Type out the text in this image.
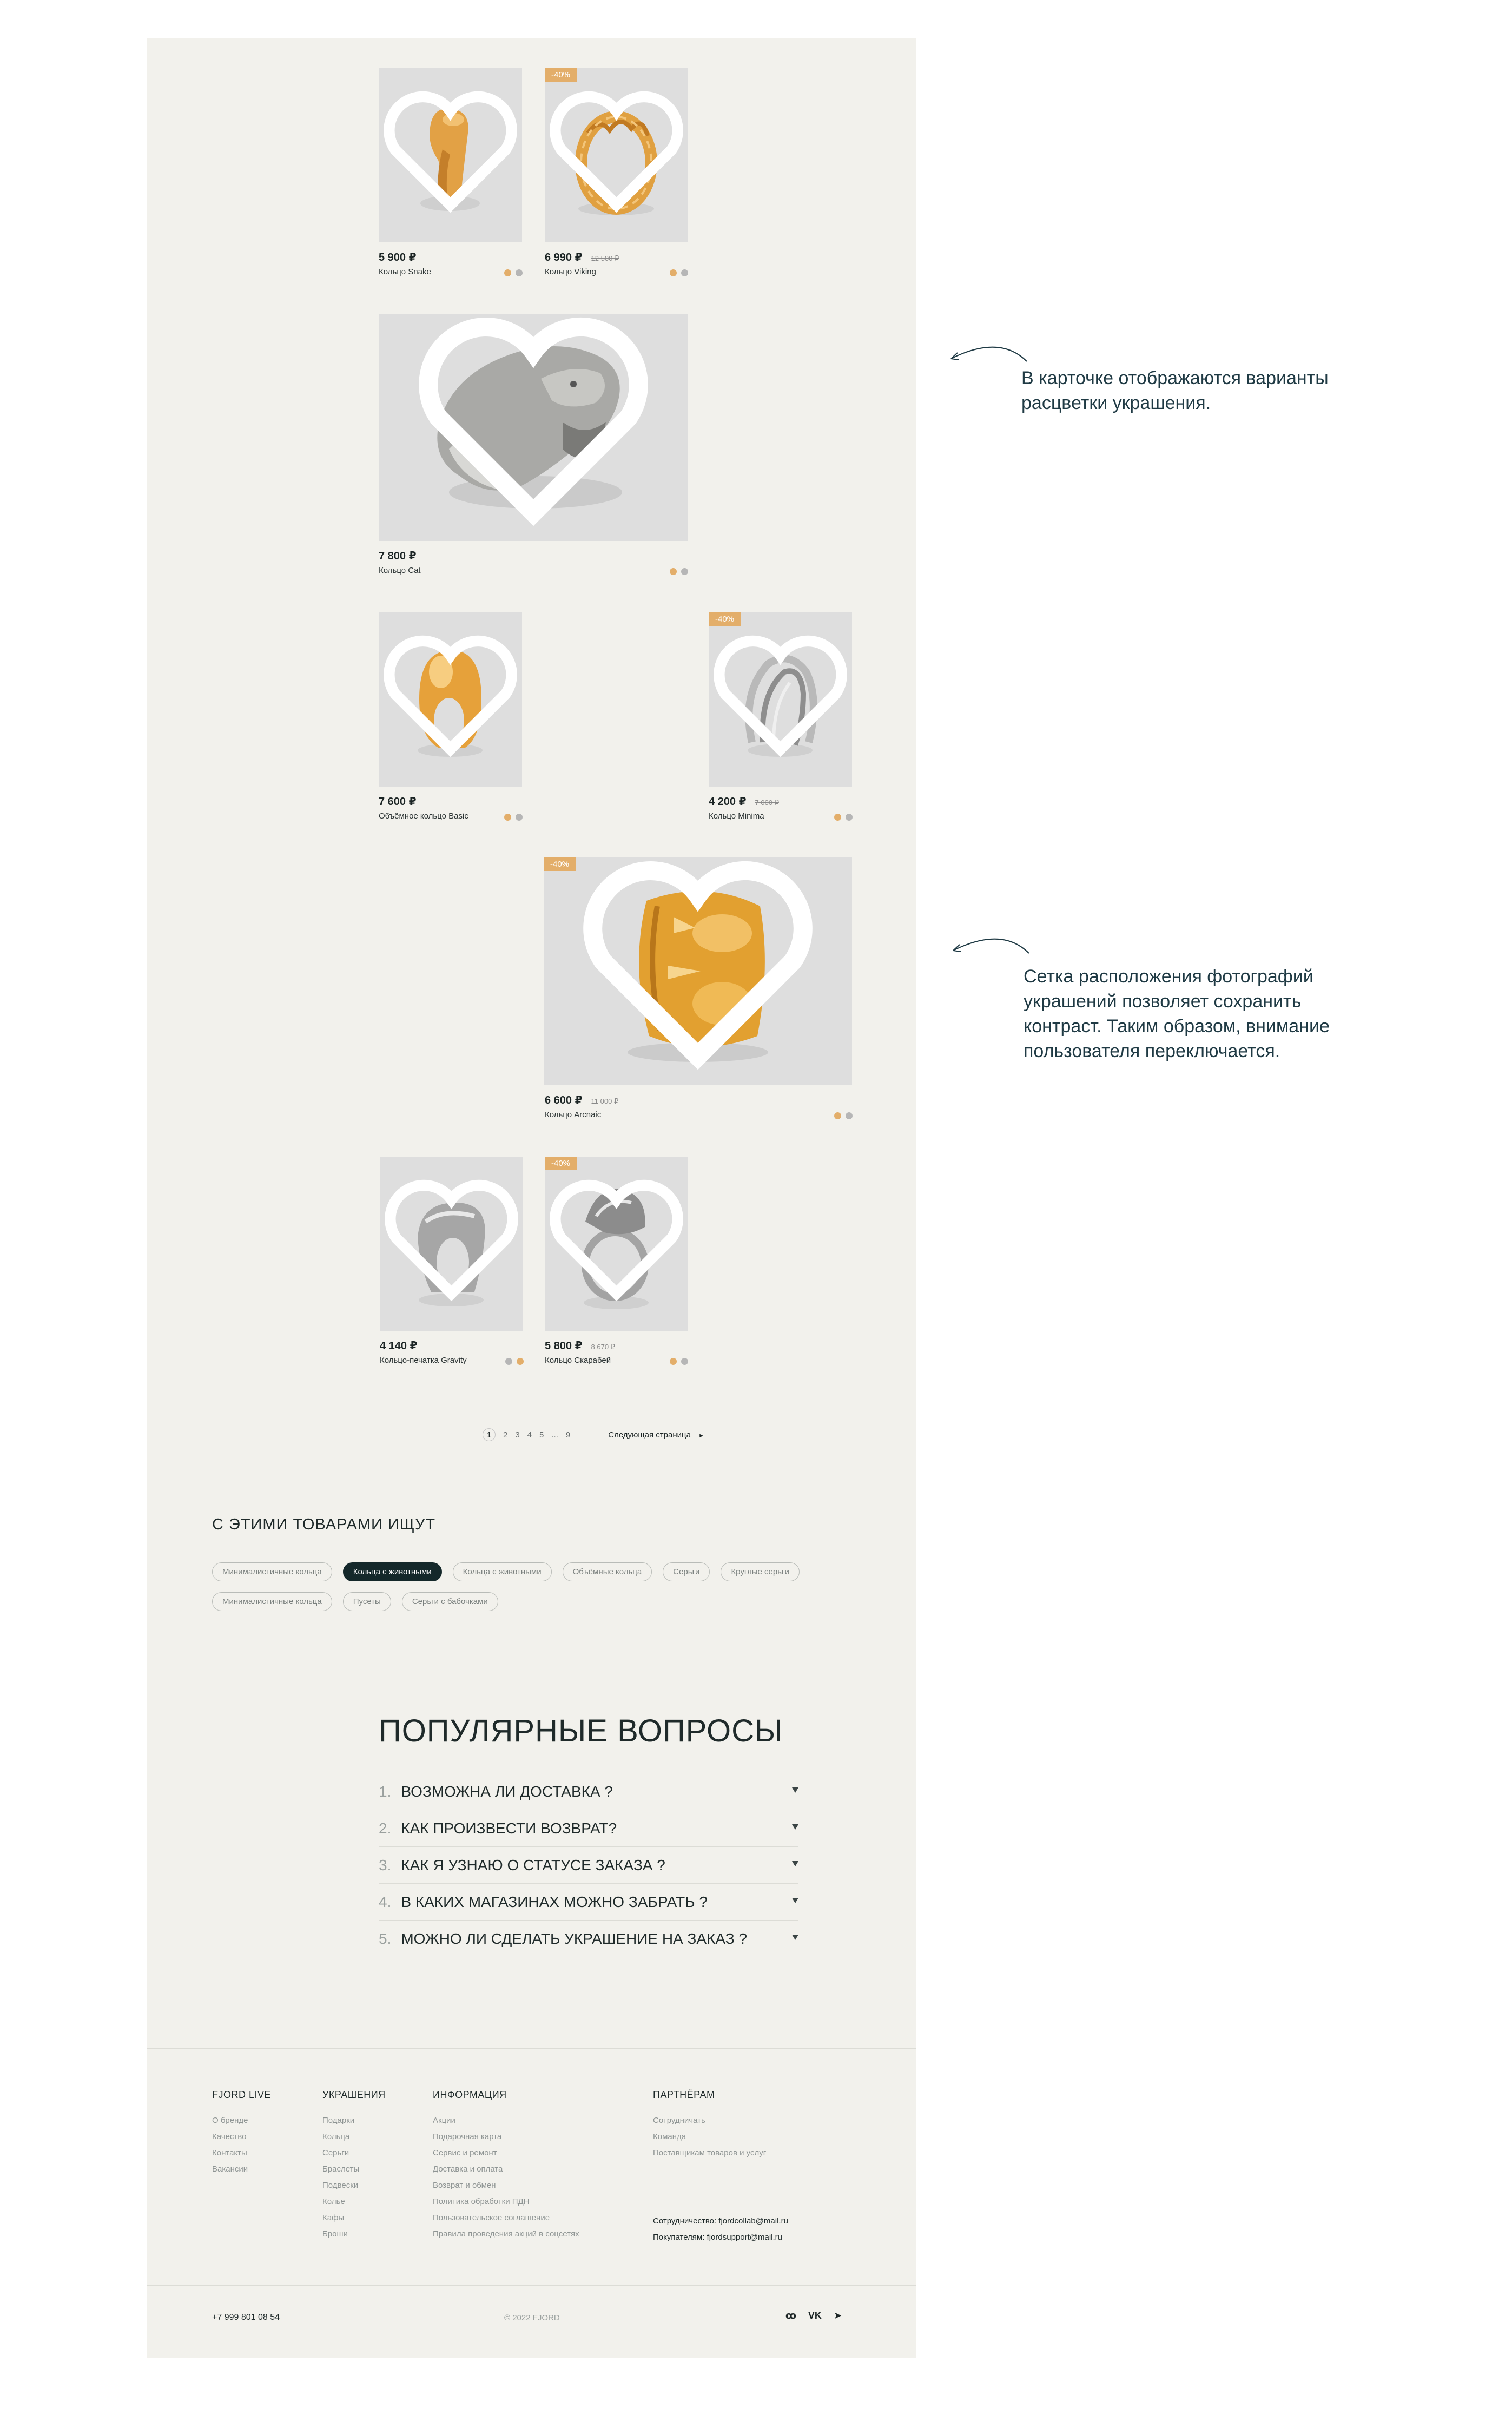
5 900 ₽
Кольцо Snake
-40%
6 990 ₽ 12 500 ₽
Кольцо Viking
7 800 ₽
Кольцо Cat
7 600 ₽
Объёмное кольцо Basic
-40%
4 200 ₽ 7 000 ₽
Кольцо Minima
-40%
6 600 ₽ 11 000 ₽
Кольцо Arcnaic
4 140 ₽
Кольцо-печатка Gravity
-40%
5 800 ₽ 8 670 ₽
Кольцо Скарабей
1	2 3 4 5 ... 9	Следующая страница ►
С ЭТИМИ ТОВАРАМИ ИЩУТ
Минималистичные кольца	Кольца с животными	Кольца с животными	Объёмные кольца	Серьги	Круглые серьги
Минималистичные кольца	Пусеты	Серьги с бабочками
ПОПУЛЯРНЫЕ ВОПРОСЫ
1. ВОЗМОЖНА ЛИ ДОСТАВКА ?
2. КАК ПРОИЗВЕСТИ ВОЗВРАТ?
3. КАК Я УЗНАЮ О СТАТУСЕ ЗАКАЗА ?
4. В КАКИХ МАГАЗИНАХ МОЖНО ЗАБРАТЬ ?
5. МОЖНО ЛИ СДЕЛАТЬ УКРАШЕНИЕ НА ЗАКАЗ ?
FJORD LIVE
О бренде
Качество
Контакты
Вакансии
УКРАШЕНИЯ
Подарки
Кольца
Серьги
Браслеты
Подвески
Колье
Кафы
Броши
ИНФОРМАЦИЯ
Акции
Подарочная карта
Сервис и ремонт
Доставка и оплата
Возврат и обмен
Политика обработки ПДН
Пользовательское соглашение
Правила проведения акций в соцсетях
ПАРТНЁРАМ
Сотрудничать
Команда
Поставщикам товаров и услуг
Сотрудничество: fjordcollab@mail.ru
Покупателям: fjordsupport@mail.ru
+7 999 801 08 54	© 2022 FJORD	ꝏ VK ➤
В карточке отображаются варианты расцветки украшения.
Сетка расположения фотографий украшений позволяет сохранить контраст. Таким образом, внимание пользователя переключается.
